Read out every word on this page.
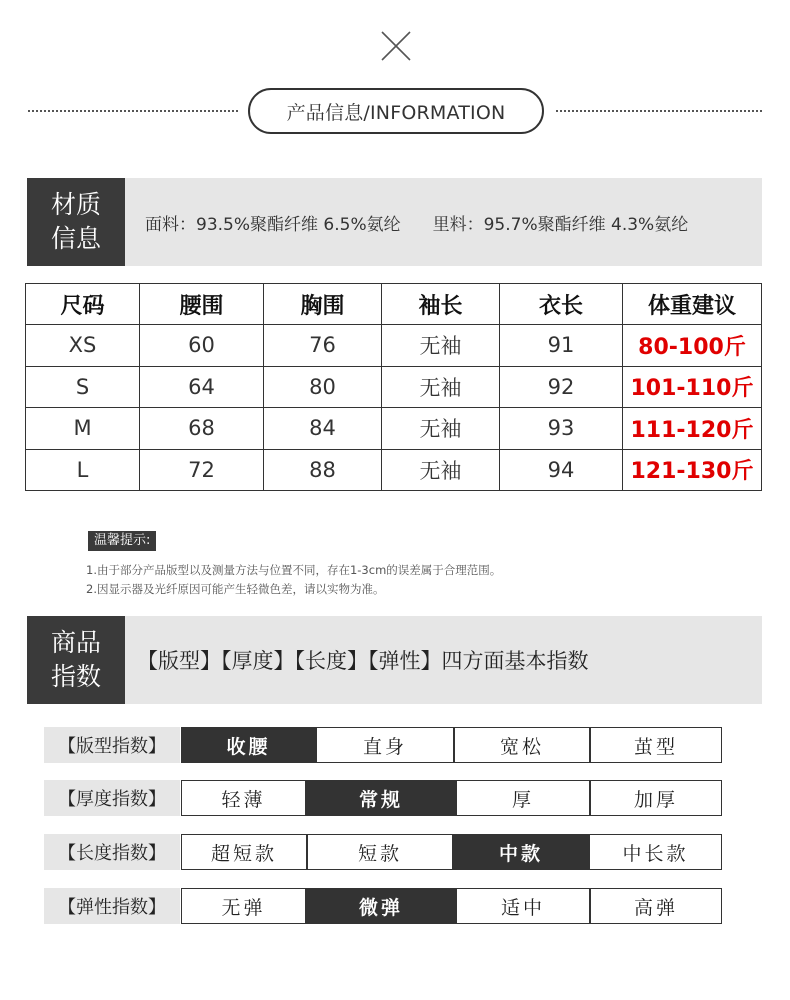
产品信息/INFORMATION
材质
信息	面料：93.5%聚酯纤维 6.5%氨纶 里料：95.7%聚酯纤维 4.3%氨纶
尺码	腰围	胸围	袖长	衣长	体重建议
XS	60	76	无袖	91	80-100斤
S	64	80	无袖	92	101-110斤
M	68	84	无袖	93	111-120斤
L	72	88	无袖	94	121-130斤
温馨提示:
1.由于部分产品版型以及测量方法与位置不同，存在1-3cm的误差属于合理范围。
2.因显示器及光纤原因可能产生轻微色差，请以实物为准。
商品
指数
【版型】【厚度】【长度】【弹性】四方面基本指数
【版型指数】	收腰	直身	宽松	茧型
【厚度指数】	轻薄	常规	厚	加厚
【长度指数】	超短款	短款	中款	中长款
【弹性指数】	无弹	微弹	适中	高弹
